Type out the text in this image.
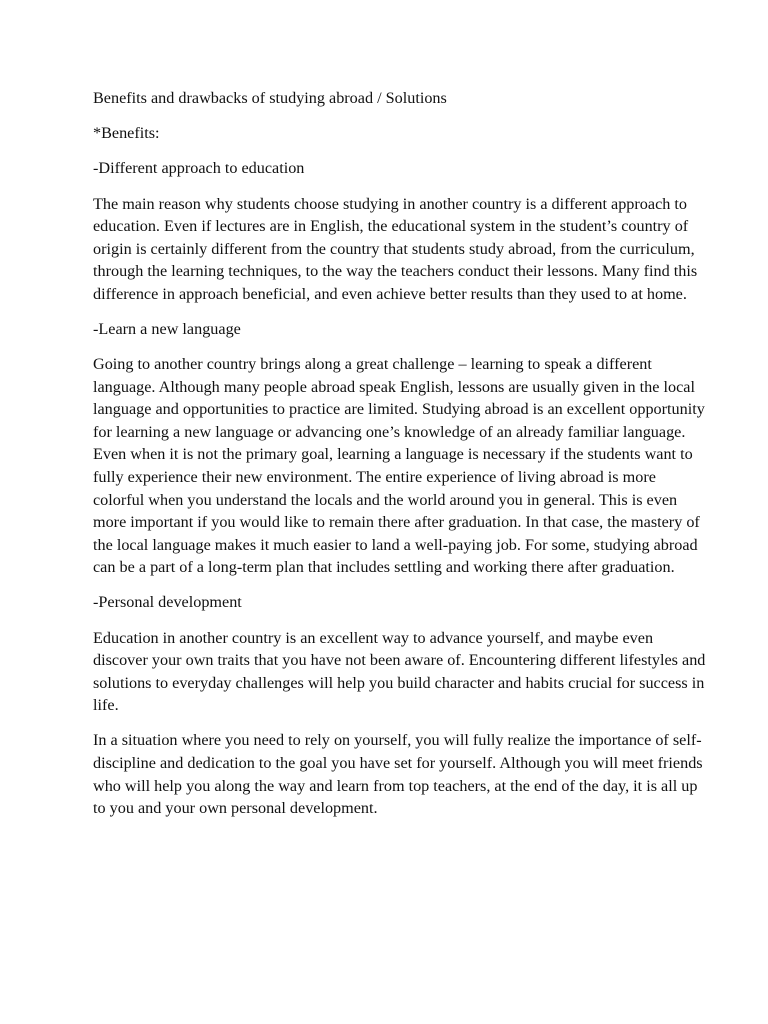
Benefits and drawbacks of studying abroad / Solutions

*Benefits:

-Different approach to education

The main reason why students choose studying in another country is a different approach to education. Even if lectures are in English, the educational system in the student’s country of origin is certainly different from the country that students study abroad, from the curriculum, through the learning techniques, to the way the teachers conduct their lessons. Many find this difference in approach beneficial, and even achieve better results than they used to at home.

-Learn a new language

Going to another country brings along a great challenge – learning to speak a different language. Although many people abroad speak English, lessons are usually given in the local language and opportunities to practice are limited. Studying abroad is an excellent opportunity for learning a new language or advancing one’s knowledge of an already familiar language. Even when it is not the primary goal, learning a language is necessary if the students want to fully experience their new environment. The entire experience of living abroad is more colorful when you understand the locals and the world around you in general. This is even more important if you would like to remain there after graduation. In that case, the mastery of the local language makes it much easier to land a well-paying job. For some, studying abroad can be a part of a long-term plan that includes settling and working there after graduation.

-Personal development

Education in another country is an excellent way to advance yourself, and maybe even discover your own traits that you have not been aware of. Encountering different lifestyles and solutions to everyday challenges will help you build character and habits crucial for success in life.

In a situation where you need to rely on yourself, you will fully realize the importance of self-discipline and dedication to the goal you have set for yourself. Although you will meet friends who will help you along the way and learn from top teachers, at the end of the day, it is all up to you and your own personal development.
